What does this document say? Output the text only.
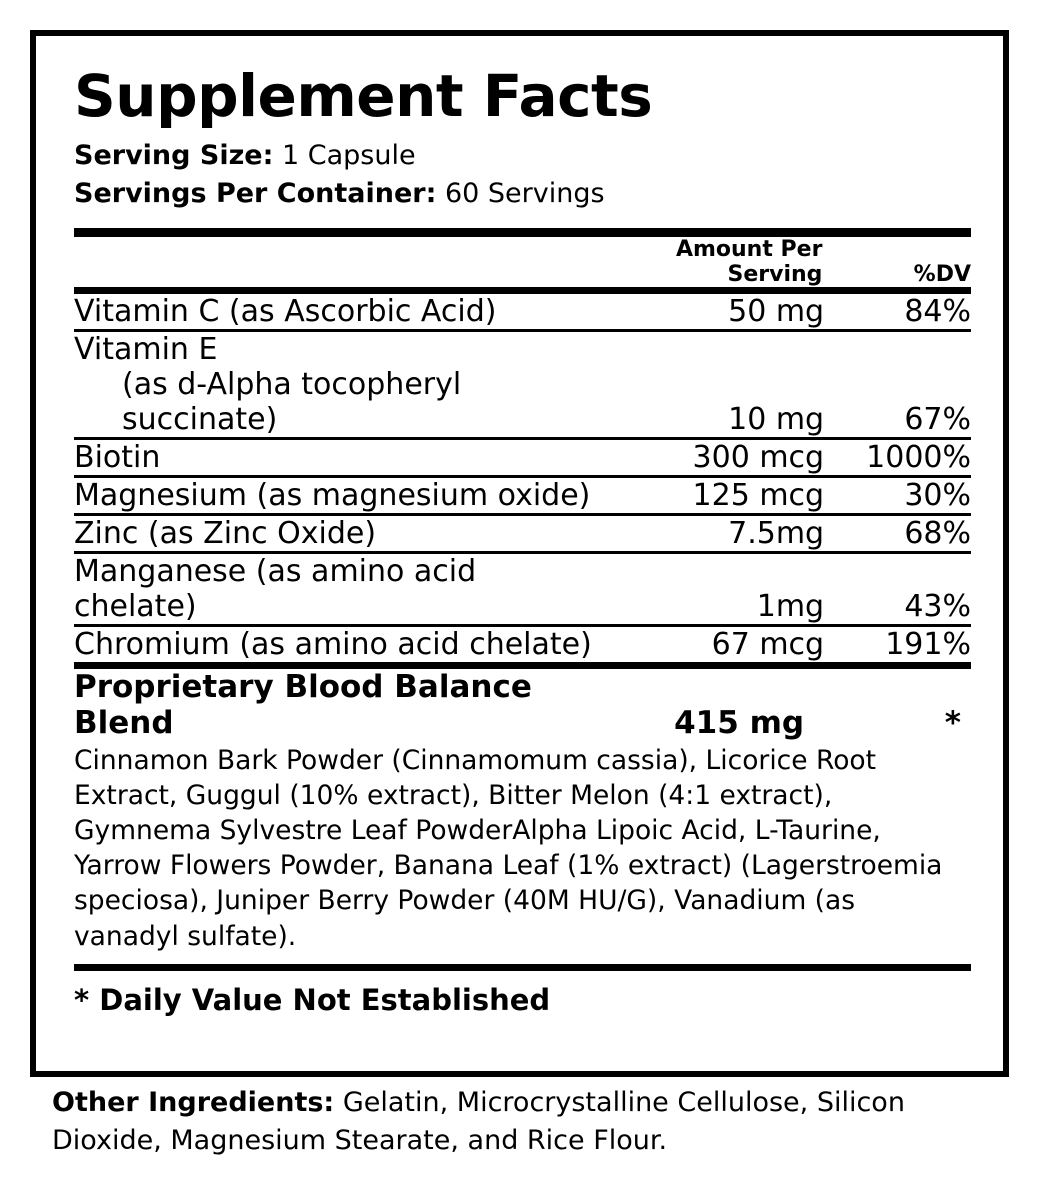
Supplement Facts
Serving Size: 1 Capsule
Servings Per Container: 60 Servings
	Amount Per Serving	%DV
Vitamin C (as Ascorbic Acid)	50 mg	84%
Vitamin E
(as d-Alpha tocopheryl succinate)	10 mg	67%
Biotin	300 mcg	1000%
Magnesium (as magnesium oxide)	125 mcg	30%
Zinc (as Zinc Oxide)	7.5mg	68%
Manganese (as amino acid chelate)	1mg	43%
Chromium (as amino acid chelate)	67 mcg	191%
Proprietary Blood Balance Blend	415 mg	*
Cinnamon Bark Powder (Cinnamomum cassia), Licorice Root Extract, Guggul (10% extract), Bitter Melon (4:1 extract), Gymnema Sylvestre Leaf PowderAlpha Lipoic Acid, L-Taurine, Yarrow Flowers Powder, Banana Leaf (1% extract) (Lagerstroemia speciosa), Juniper Berry Powder (40M HU/G), Vanadium (as vanadyl sulfate).
* Daily Value Not Established
Other Ingredients: Gelatin, Microcrystalline Cellulose, Silicon Dioxide, Magnesium Stearate, and Rice Flour.
